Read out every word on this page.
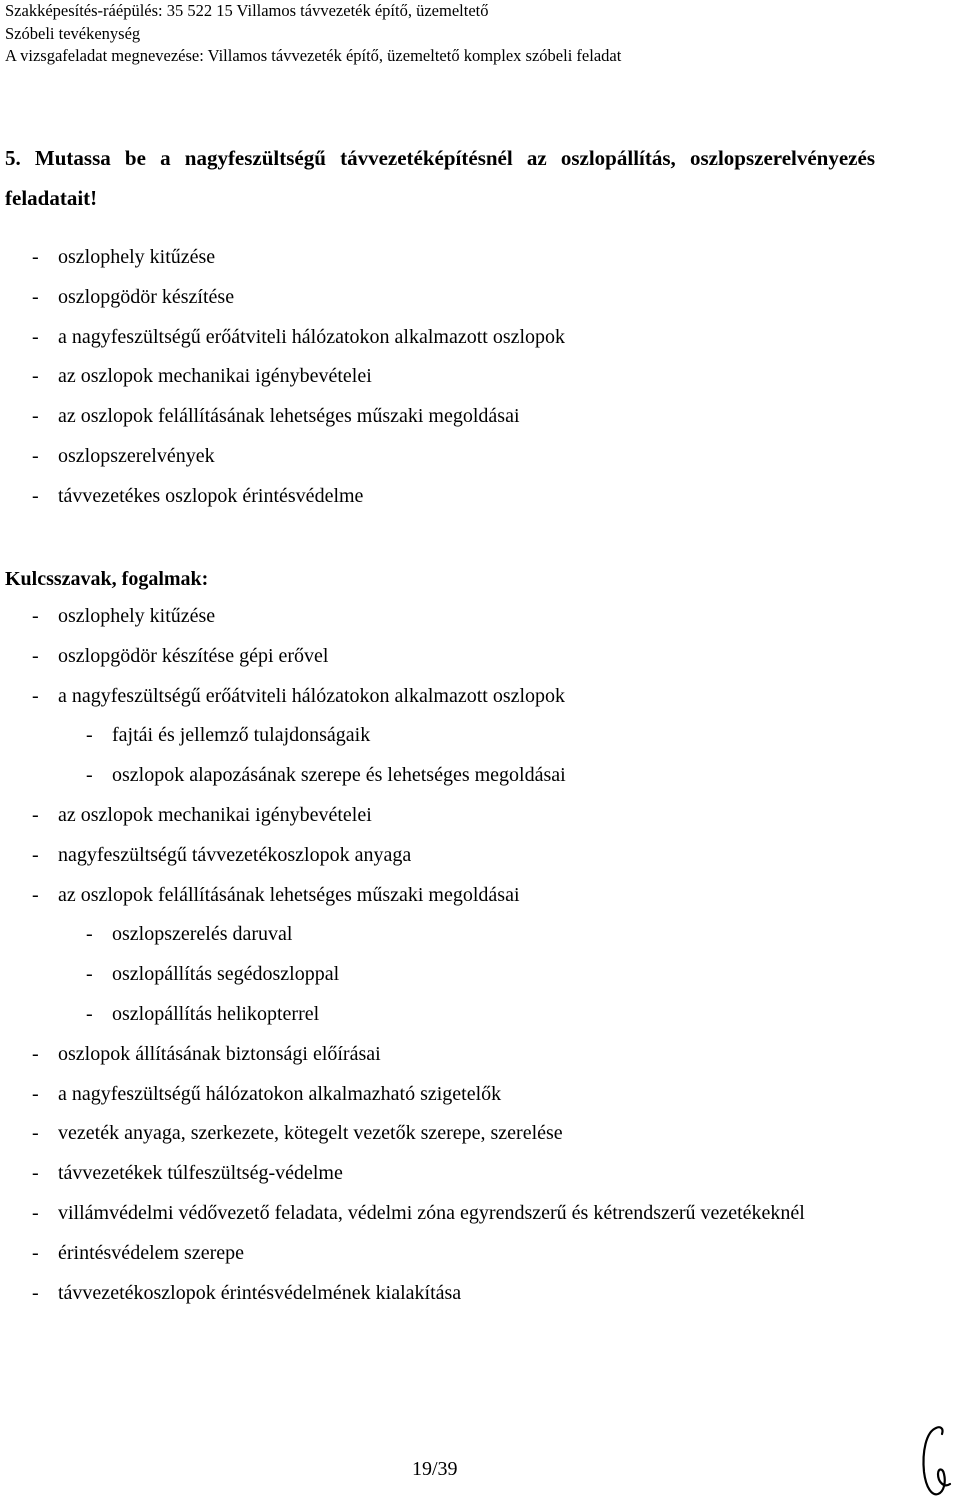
Szakképesítés-ráépülés: 35 522 15 Villamos távvezeték építő, üzemeltető
Szóbeli tevékenység
A vizsgafeladat megnevezése: Villamos távvezeték építő, üzemeltető komplex szóbeli feladat
5. Mutassa be a nagyfeszültségű távvezetéképítésnél az oszlopállítás, oszlopszerelvényezés feladatait!
- oszlophely kitűzése
- oszlopgödör készítése
- a nagyfeszültségű erőátviteli hálózatokon alkalmazott oszlopok
- az oszlopok mechanikai igénybevételei
- az oszlopok felállításának lehetséges műszaki megoldásai
- oszlopszerelvények
- távvezetékes oszlopok érintésvédelme
Kulcsszavak, fogalmak:
- oszlophely kitűzése
- oszlopgödör készítése gépi erővel
- a nagyfeszültségű erőátviteli hálózatokon alkalmazott oszlopok
- fajtái és jellemző tulajdonságaik
- oszlopok alapozásának szerepe és lehetséges megoldásai
- az oszlopok mechanikai igénybevételei
- nagyfeszültségű távvezetékoszlopok anyaga
- az oszlopok felállításának lehetséges műszaki megoldásai
- oszlopszerelés daruval
- oszlopállítás segédoszloppal
- oszlopállítás helikopterrel
- oszlopok állításának biztonsági előírásai
- a nagyfeszültségű hálózatokon alkalmazható szigetelők
- vezeték anyaga, szerkezete, kötegelt vezetők szerepe, szerelése
- távvezetékek túlfeszültség-védelme
- villámvédelmi védővezető feladata, védelmi zóna egyrendszerű és kétrendszerű vezetékeknél
- érintésvédelem szerepe
- távvezetékoszlopok érintésvédelmének kialakítása
19/39
